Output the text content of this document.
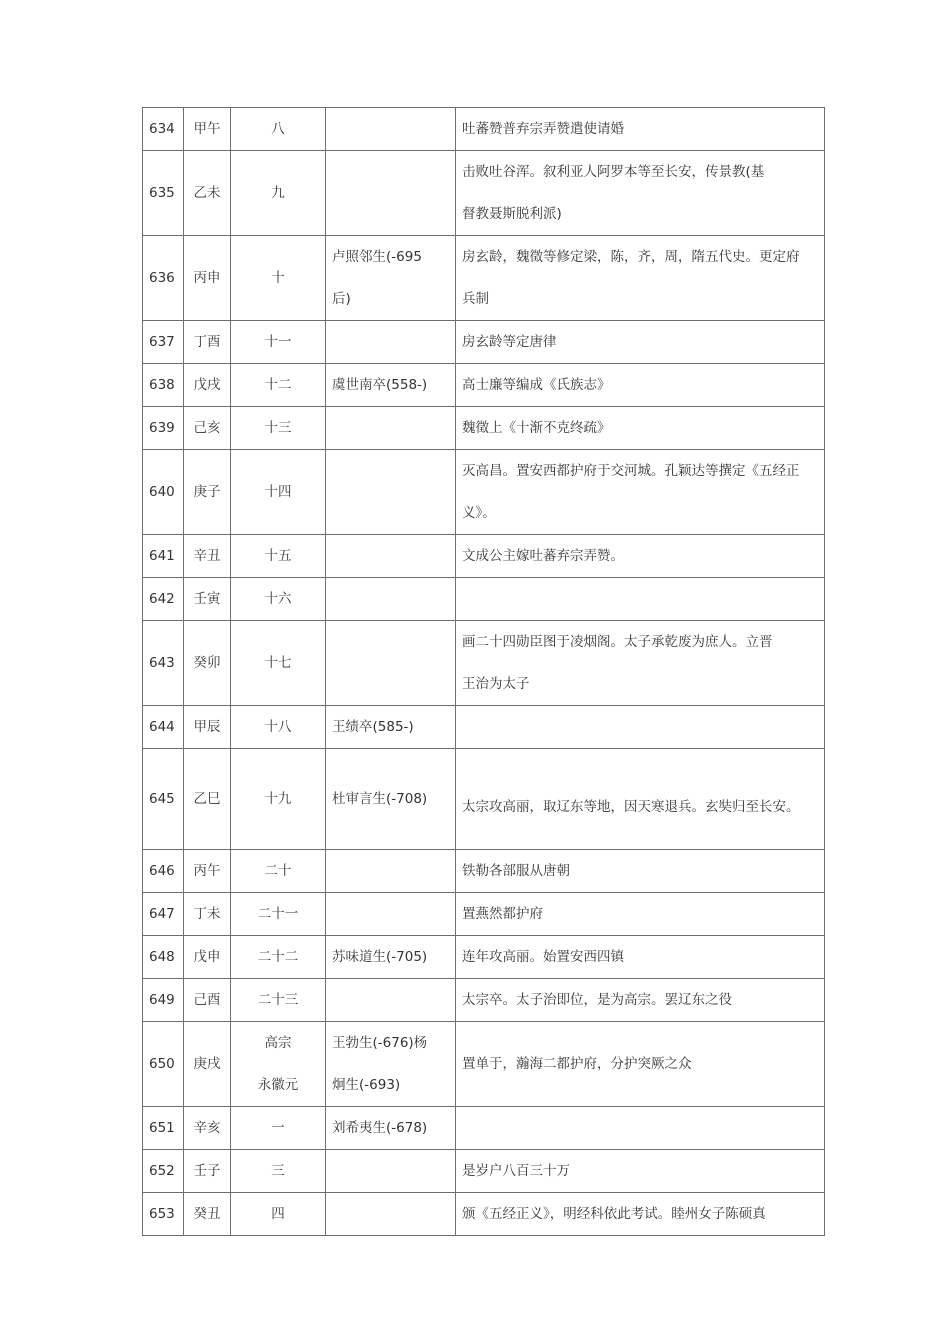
634	甲午	八		吐蕃赞普弃宗弄赞遣使请婚

635	乙未	九		击败吐谷浑。叙利亚人阿罗本等至长安，传景教(基
督教聂斯脱利派)

636	丙申	十	卢照邻生(-695
后)	房玄龄，魏徵等修定梁，陈，齐，周，隋五代史。更定府
兵制

637	丁酉	十一		房玄龄等定唐律

638	戊戌	十二	虞世南卒(558-)	高士廉等编成《氏族志》

639	己亥	十三		魏徵上《十渐不克终疏》

640	庚子	十四		灭高昌。置安西都护府于交河城。孔颖达等撰定《五经正
义》。

641	辛丑	十五		文成公主嫁吐蕃弃宗弄赞。

642	壬寅	十六		

643	癸卯	十七		画二十四勋臣图于凌烟阁。太子承乾废为庶人。立晋
王治为太子

644	甲辰	十八	王绩卒(585-)	

645	乙巳	十九	杜审言生(-708)	太宗攻高丽，取辽东等地，因天寒退兵。玄奘归至长安。

646	丙午	二十		铁勒各部服从唐朝

647	丁未	二十一		置燕然都护府

648	戊申	二十二	苏味道生(-705)	连年攻高丽。始置安西四镇

649	己酉	二十三		太宗卒。太子治即位，是为高宗。罢辽东之役

650	庚戌	高宗
永徽元	王勃生(-676)杨
炯生(-693)	置单于，瀚海二都护府，分护突厥之众

651	辛亥	一	刘希夷生(-678)	

652	壬子	三		是岁户八百三十万

653	癸丑	四		颁《五经正义》，明经科依此考试。睦州女子陈硕真
